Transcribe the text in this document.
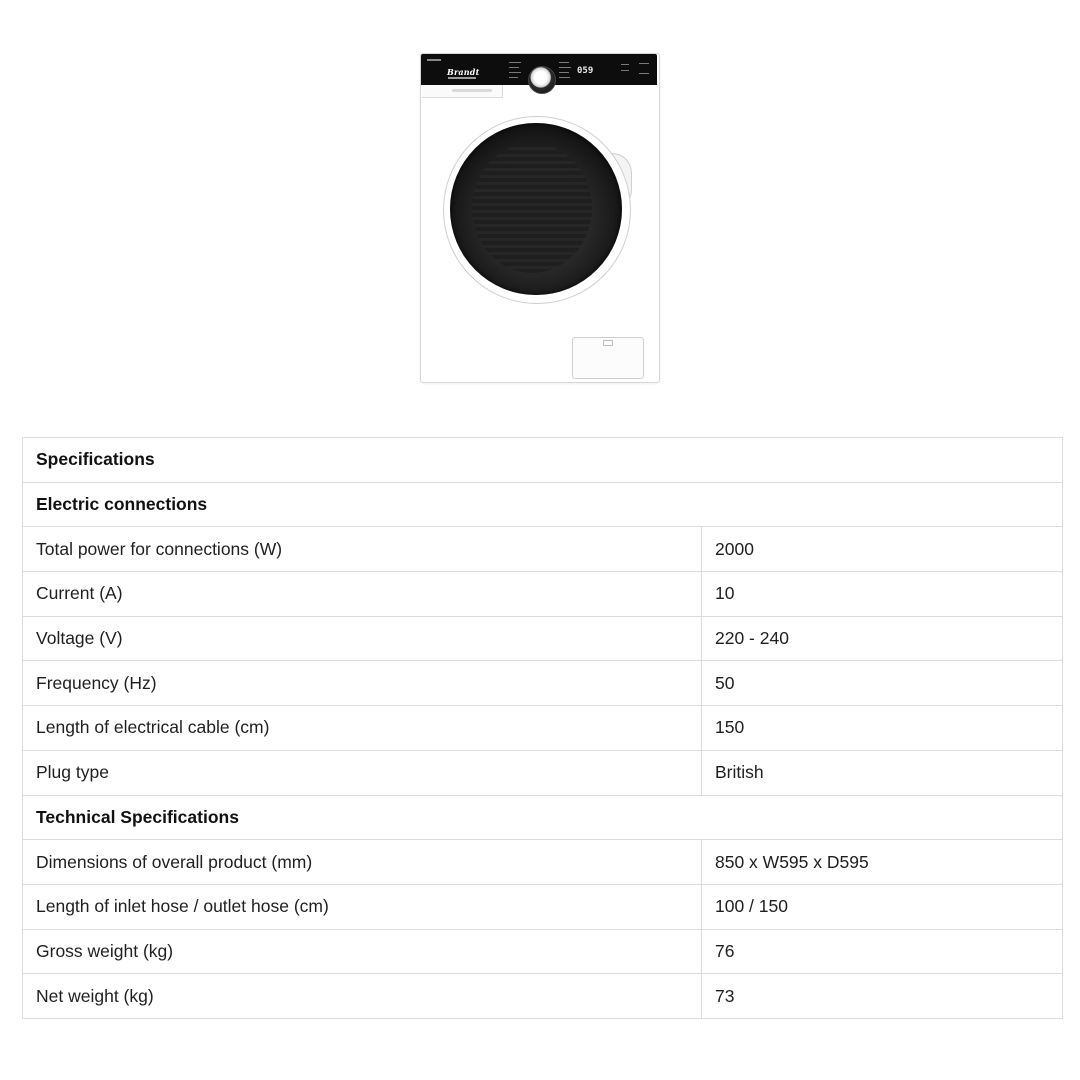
Brandt	059
Specifications	
Electric connections	
Total power for connections (W)	2000
Current (A)	10
Voltage (V)	220 - 240
Frequency (Hz)	50
Length of electrical cable (cm)	150
Plug type	British
Technical Specifications	
Dimensions of overall product (mm)	850 x W595 x D595
Length of inlet hose / outlet hose (cm)	100 / 150
Gross weight (kg)	76
Net weight (kg)	73
